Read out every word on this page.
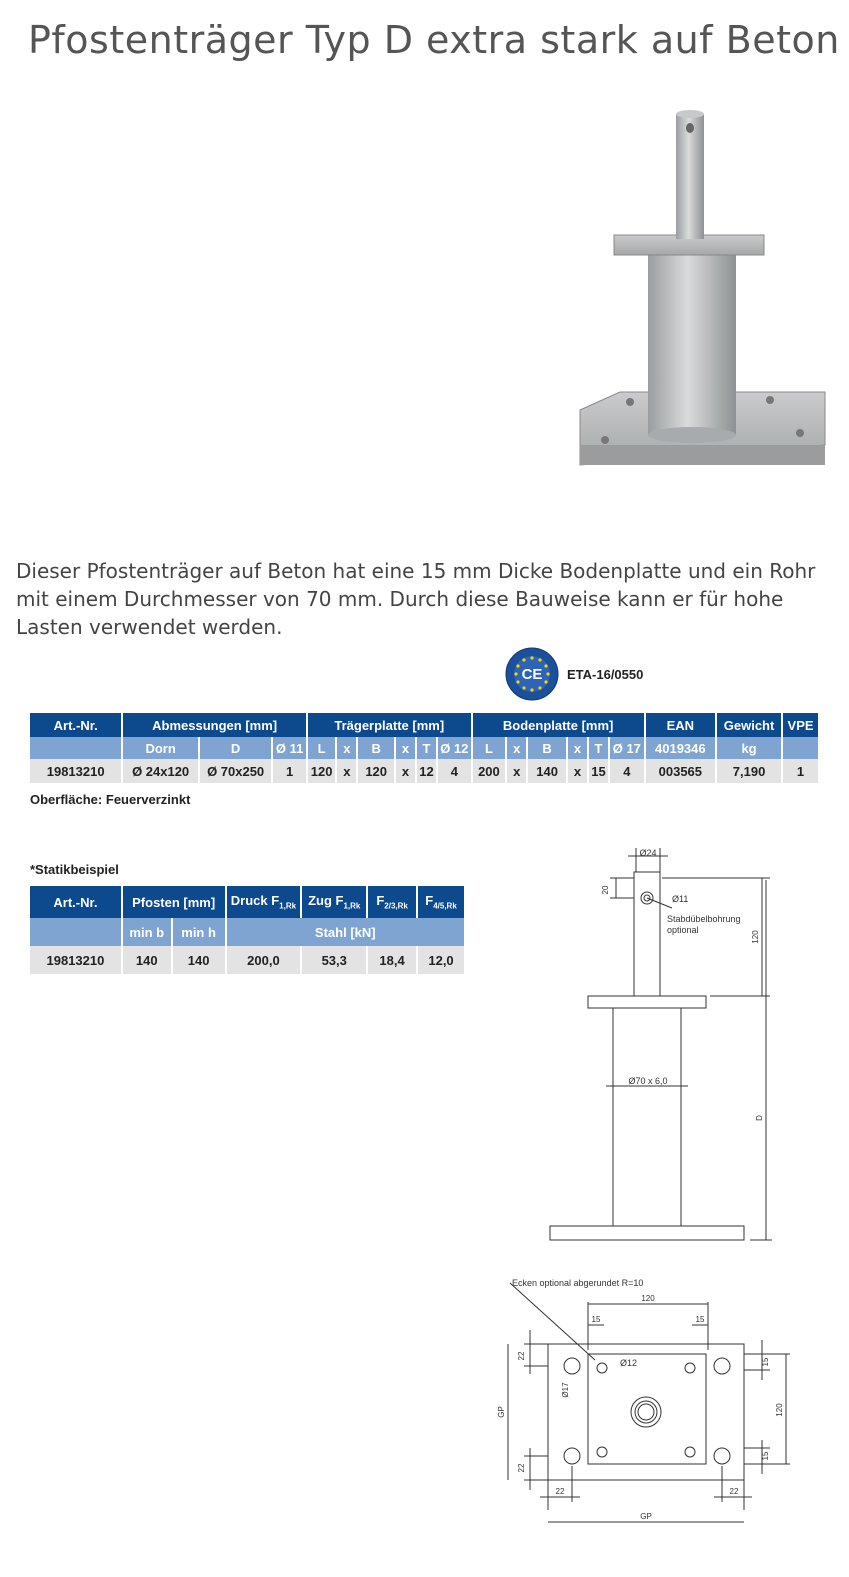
Pfostenträger Typ D extra stark auf Beton

Dieser Pfostenträger auf Beton hat eine 15 mm Dicke Bodenplatte und ein Rohr mit einem Durchmesser von 70 mm. Durch diese Bauweise kann er für hohe Lasten verwendet werden.

CE ETA-16/0550
Art.-Nr.	Abmessungen [mm]			Trägerplatte [mm]						Bodenplatte [mm]						EAN	Gewicht	VPE
	Dorn	D	Ø 11	L	x	B	x	T	Ø 12	L	x	B	x	T	Ø 17	4019346	kg	
19813210	Ø 24x120	Ø 70x250	1	120	x	120	x	12	4	200	x	140	x	15	4	003565	7,190	1
Oberfläche: Feuerverzinkt
*Statikbeispiel
Art.-Nr.	Pfosten [mm]		Druck $F_{1,Rk}$	Zug $F_{1,Rk}$	$F_{2/3,Rk}$	$F_{4/5,Rk}$
	min b	min h	Stahl [kN]			
19813210	140	140	200,0	53,3	18,4	12,0
Ø24
20
Ø11
Stabdübelbohrung
optional
120
Ø70 x 6,0
D
Ecken optional abgerundet R=10
120
15	15
Ø12
22
Ø17
GP
22
15
120
15
22	22
GP
